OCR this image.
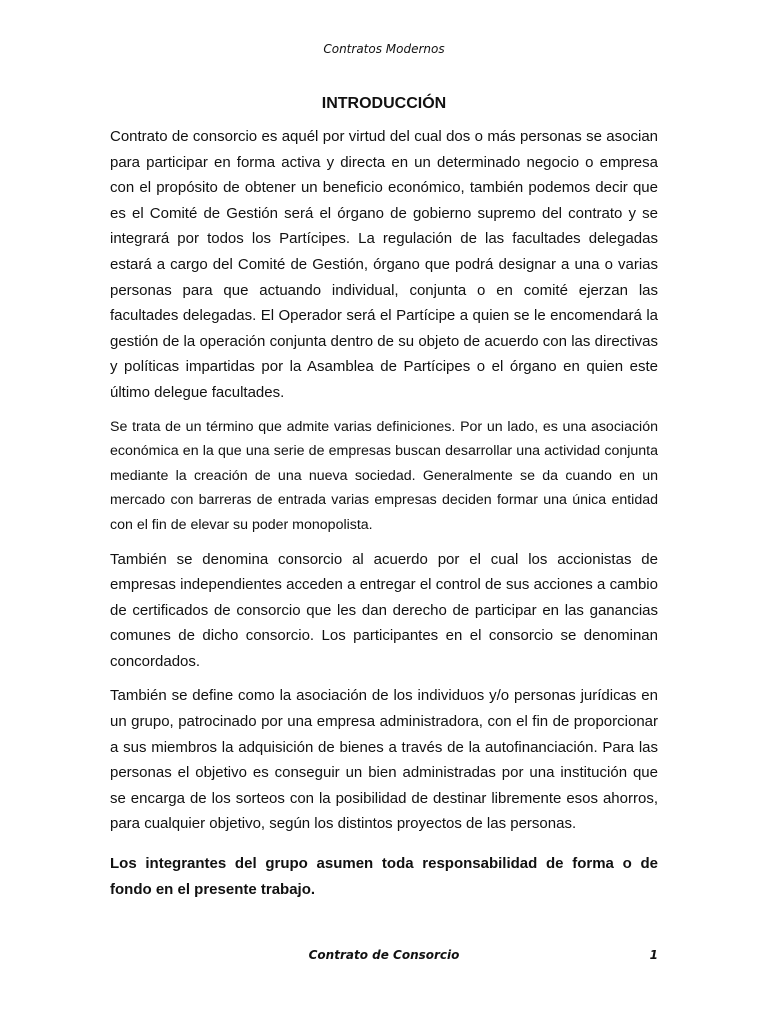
Contratos Modernos
INTRODUCCIÓN

Contrato de consorcio es aquél por virtud del cual dos o más personas se asocian para participar en forma activa y directa en un determinado negocio o empresa con el propósito de obtener un beneficio económico, también podemos decir que es el Comité de Gestión será el órgano de gobierno supremo del contrato y se integrará por todos los Partícipes. La regulación de las facultades delegadas estará a cargo del Comité de Gestión, órgano que podrá designar a una o varias personas para que actuando individual, conjunta o en comité ejerzan las facultades delegadas. El Operador será el Partícipe a quien se le encomendará la gestión de la operación conjunta dentro de su objeto de acuerdo con las directivas y políticas impartidas por la Asamblea de Partícipes o el órgano en quien este último delegue facultades.

Se trata de un término que admite varias definiciones. Por un lado, es una asociación económica en la que una serie de empresas buscan desarrollar una actividad conjunta mediante la creación de una nueva sociedad. Generalmente se da cuando en un mercado con barreras de entrada varias empresas deciden formar una única entidad con el fin de elevar su poder monopolista.

También se denomina consorcio al acuerdo por el cual los accionistas de empresas independientes acceden a entregar el control de sus acciones a cambio de certificados de consorcio que les dan derecho de participar en las ganancias comunes de dicho consorcio. Los participantes en el consorcio se denominan concordados.

También se define como la asociación de los individuos y/o personas jurídicas en un grupo, patrocinado por una empresa administradora, con el fin de proporcionar a sus miembros la adquisición de bienes a través de la autofinanciación. Para las personas el objetivo es conseguir un bien administradas por una institución que se encarga de los sorteos con la posibilidad de destinar libremente esos ahorros, para cualquier objetivo, según los distintos proyectos de las personas.

Los integrantes del grupo asumen toda responsabilidad de forma o de fondo en el presente trabajo.

Contrato de Consorcio	1
